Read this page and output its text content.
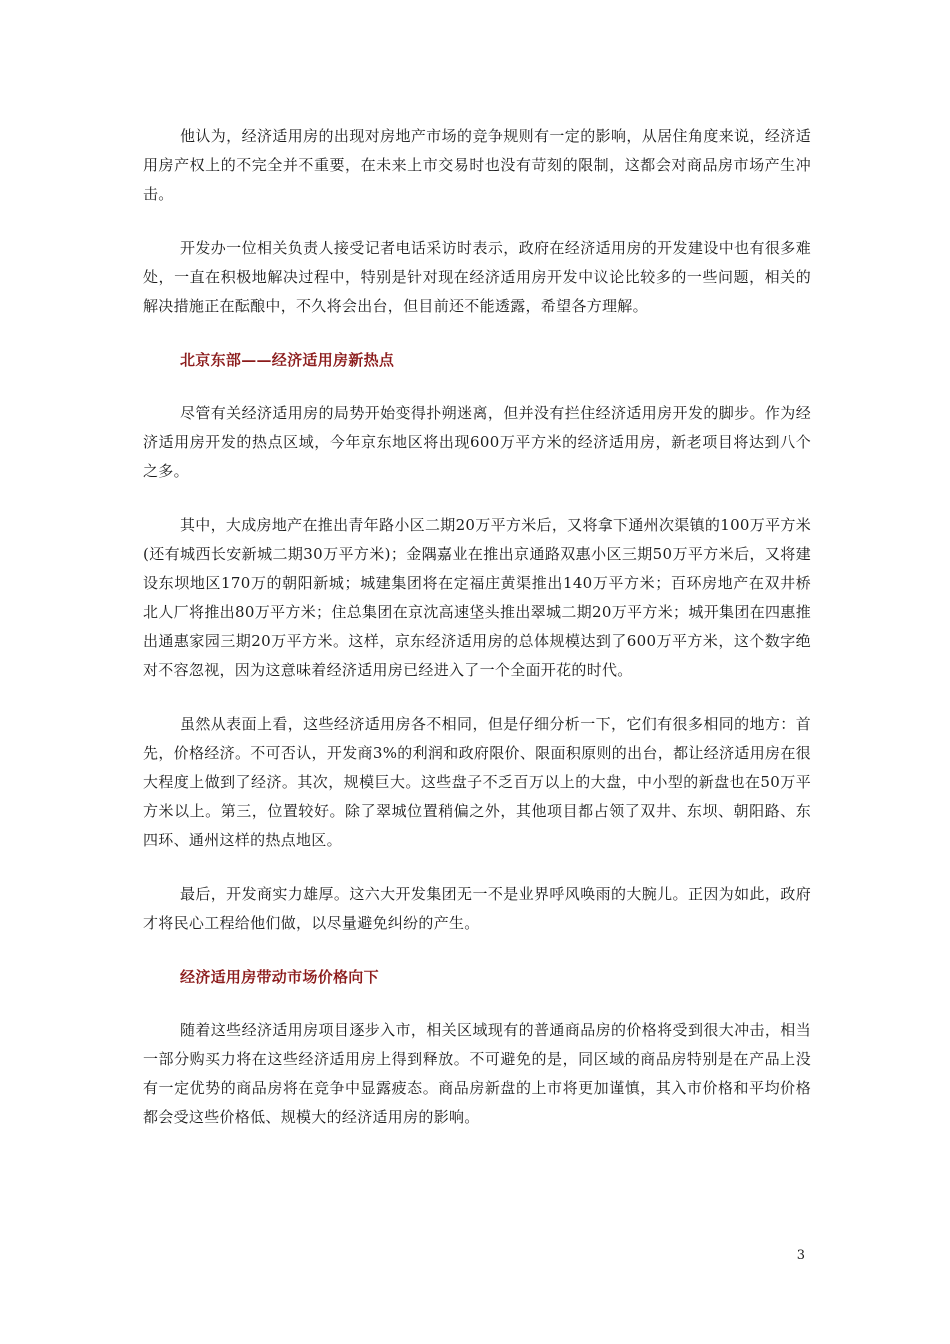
他认为，经济适用房的出现对房地产市场的竞争规则有一定的影响，从居住角度来说，经济适用房产权上的不完全并不重要，在未来上市交易时也没有苛刻的限制，这都会对商品房市场产生冲击。

开发办一位相关负责人接受记者电话采访时表示，政府在经济适用房的开发建设中也有很多难处，一直在积极地解决过程中，特别是针对现在经济适用房开发中议论比较多的一些问题，相关的解决措施正在酝酿中，不久将会出台，但目前还不能透露，希望各方理解。

北京东部——经济适用房新热点

尽管有关经济适用房的局势开始变得扑朔迷离，但并没有拦住经济适用房开发的脚步。作为经济适用房开发的热点区域，今年京东地区将出现600万平方米的经济适用房，新老项目将达到八个之多。

其中，大成房地产在推出青年路小区二期20万平方米后，又将拿下通州次渠镇的100万平方米(还有城西长安新城二期30万平方米)；金隅嘉业在推出京通路双惠小区三期50万平方米后，又将建设东坝地区170万的朝阳新城；城建集团将在定福庄黄渠推出140万平方米；百环房地产在双井桥北人厂将推出80万平方米；住总集团在京沈高速垡头推出翠城二期20万平方米；城开集团在四惠推出通惠家园三期20万平方米。这样，京东经济适用房的总体规模达到了600万平方米，这个数字绝对不容忽视，因为这意味着经济适用房已经进入了一个全面开花的时代。

虽然从表面上看，这些经济适用房各不相同，但是仔细分析一下，它们有很多相同的地方：首先，价格经济。不可否认，开发商3%的利润和政府限价、限面积原则的出台，都让经济适用房在很大程度上做到了经济。其次，规模巨大。这些盘子不乏百万以上的大盘，中小型的新盘也在50万平方米以上。第三，位置较好。除了翠城位置稍偏之外，其他项目都占领了双井、东坝、朝阳路、东四环、通州这样的热点地区。

最后，开发商实力雄厚。这六大开发集团无一不是业界呼风唤雨的大腕儿。正因为如此，政府才将民心工程给他们做，以尽量避免纠纷的产生。

经济适用房带动市场价格向下

随着这些经济适用房项目逐步入市，相关区域现有的普通商品房的价格将受到很大冲击，相当一部分购买力将在这些经济适用房上得到释放。不可避免的是，同区域的商品房特别是在产品上没有一定优势的商品房将在竞争中显露疲态。商品房新盘的上市将更加谨慎，其入市价格和平均价格都会受这些价格低、规模大的经济适用房的影响。

3
